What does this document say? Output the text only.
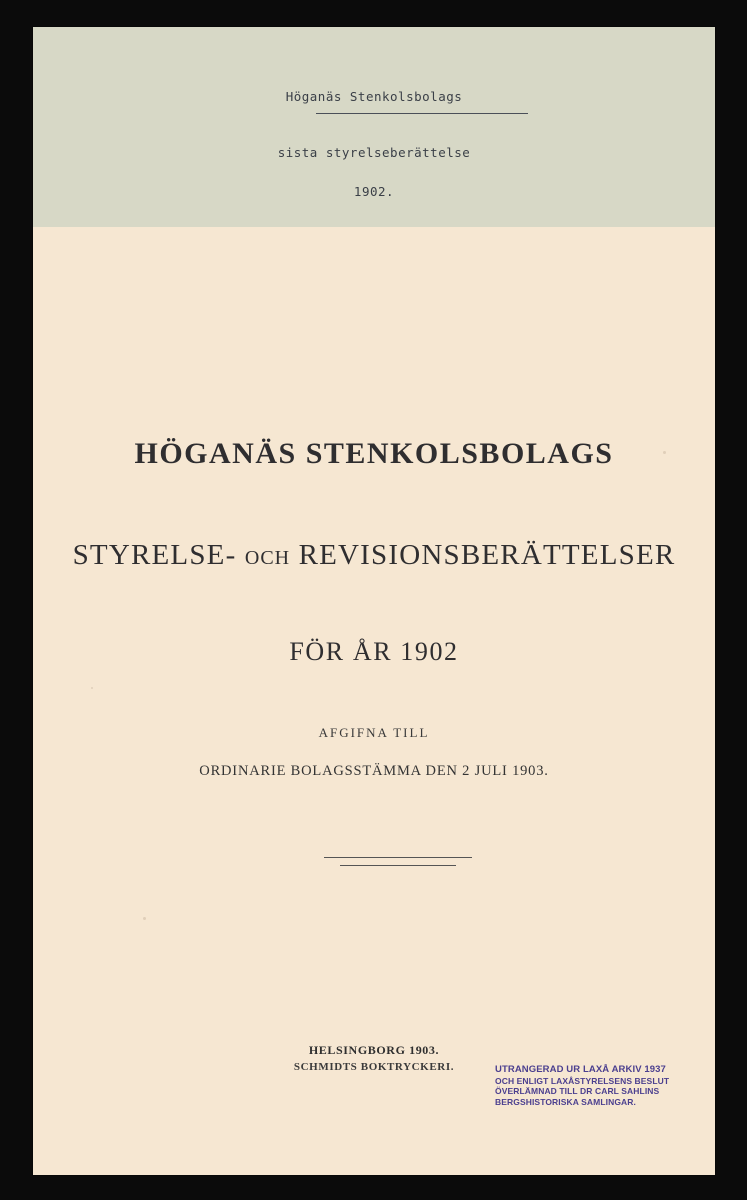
Höganäs Stenkolsbolags
sista styrelseberättelse
1902.
HÖGANÄS STENKOLSBOLAGS
STYRELSE- OCH REVISIONSBERÄTTELSER
FÖR ÅR 1902
AFGIFNA TILL
ORDINARIE BOLAGSSTÄMMA DEN 2 JULI 1903.
HELSINGBORG 1903.
SCHMIDTS BOKTRYCKERI.	UTRANGERAD UR LAXÅ ARKIV 1937
OCH ENLIGT LAXÅSTYRELSENS BESLUT
ÖVERLÄMNAD TILL DR CARL SAHLINS
BERGSHISTORISKA SAMLINGAR.
